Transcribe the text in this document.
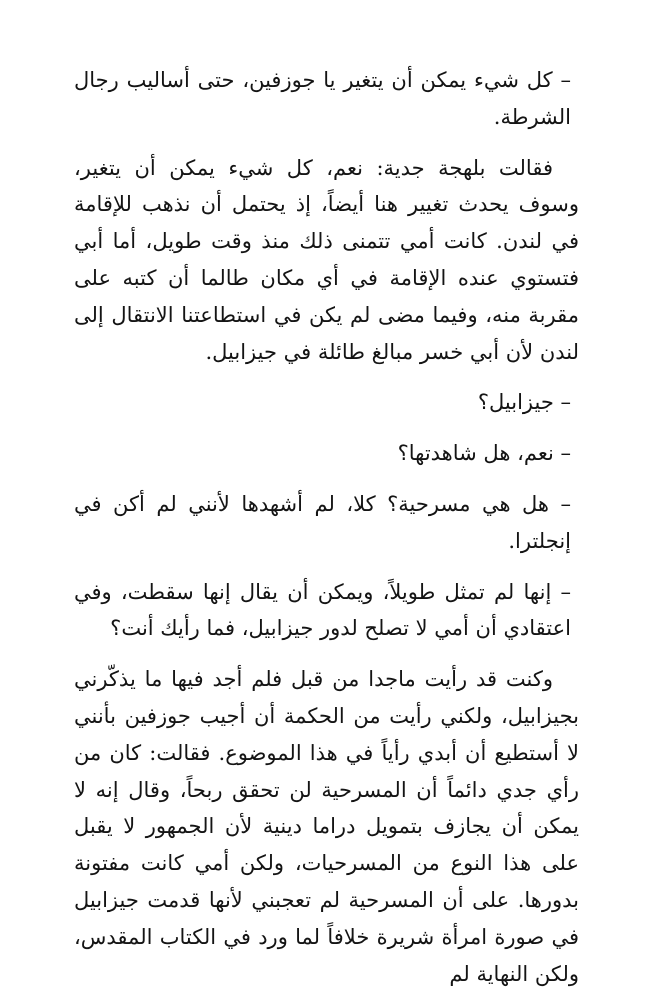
– كل شيء يمكن أن يتغير يا جوزفين، حتى أساليب رجال الشرطة.

فقالت بلهجة جدية: نعم، كل شيء يمكن أن يتغير، وسوف يحدث تغيير هنا أيضاً، إذ يحتمل أن نذهب للإقامة في لندن. كانت أمي تتمنى ذلك منذ وقت طويل، أما أبي فتستوي عنده الإقامة في أي مكان طالما أن كتبه على مقربة منه، وفيما مضى لم يكن في استطاعتنا الانتقال إلى لندن لأن أبي خسر مبالغ طائلة في جيزابيل.

– جيزابيل؟

– نعم، هل شاهدتها؟

– هل هي مسرحية؟ كلا، لم أشهدها لأنني لم أكن في إنجلترا.

– إنها لم تمثل طويلاً، ويمكن أن يقال إنها سقطت، وفي اعتقادي أن أمي لا تصلح لدور جيزابيل، فما رأيك أنت؟

وكنت قد رأيت ماجدا من قبل فلم أجد فيها ما يذكّرني بجيزابيل، ولكني رأيت من الحكمة أن أجيب جوزفين بأنني لا أستطيع أن أبدي رأياً في هذا الموضوع. فقالت: كان من رأي جدي دائماً أن المسرحية لن تحقق ربحاً، وقال إنه لا يمكن أن يجازف بتمويل دراما دينية لأن الجمهور لا يقبل على هذا النوع من المسرحيات، ولكن أمي كانت مفتونة بدورها. على أن المسرحية لم تعجبني لأنها قدمت جيزابيل في صورة امرأة شريرة خلافاً لما ورد في الكتاب المقدس، ولكن النهاية لم
